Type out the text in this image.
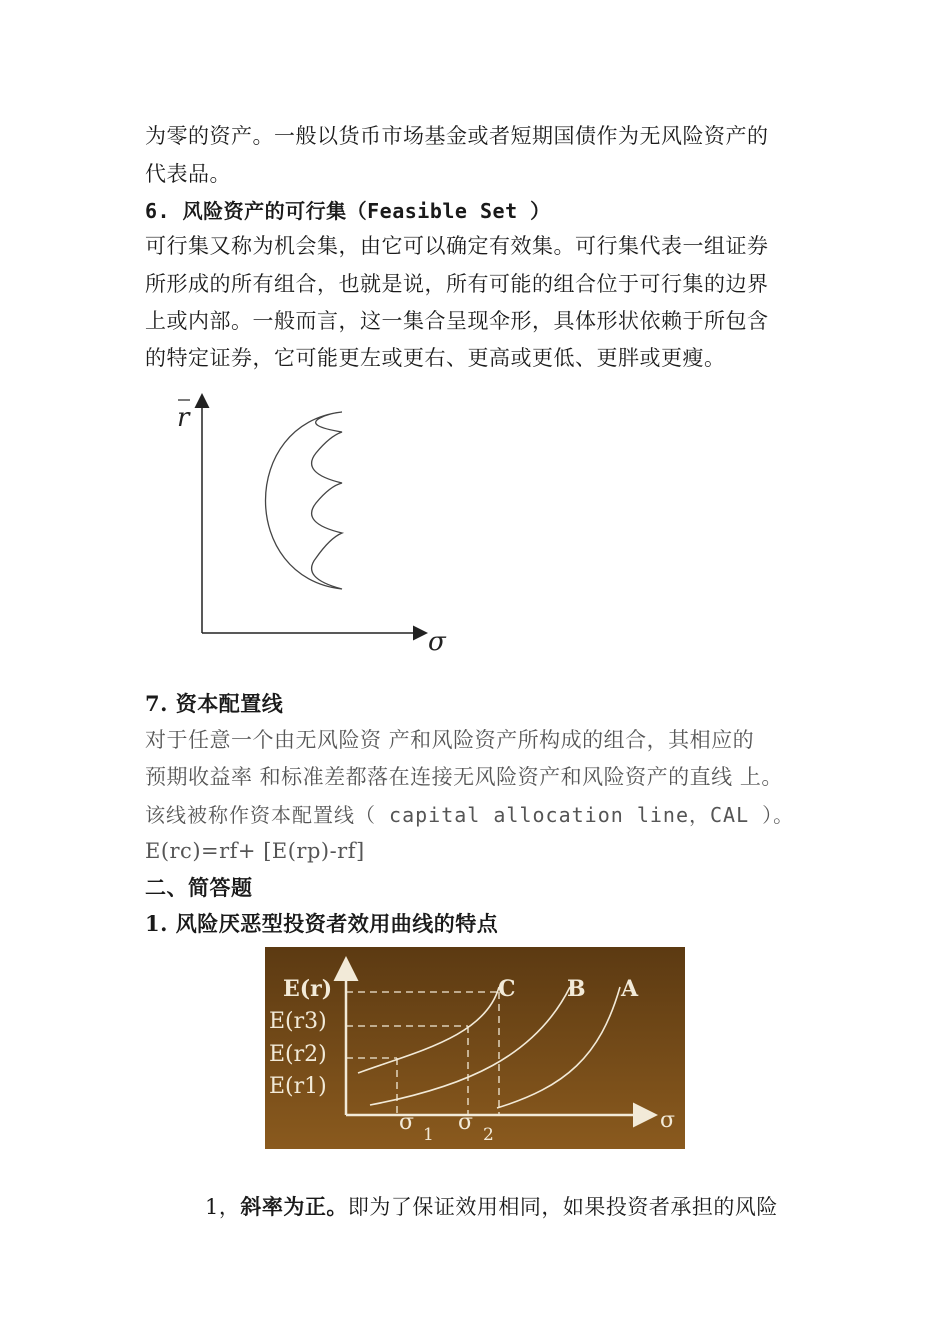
为零的资产。一般以货币市场基金或者短期国债作为无风险资产的
代表品。
6. 风险资产的可行集（Feasible Set ）
可行集又称为机会集，由它可以确定有效集。可行集代表一组证券
所形成的所有组合，也就是说，所有可能的组合位于可行集的边界
上或内部。一般而言，这一集合呈现伞形，具体形状依赖于所包含
的特定证券，它可能更左或更右、更高或更低、更胖或更瘦。
r
σ
7. 资本配置线
对于任意一个由无风险资 产和风险资产所构成的组合，其相应的
预期收益率 和标准差都落在连接无风险资产和风险资产的直线 上。
该线被称作资本配置线（ capital allocation line，CAL ）。
E(rc)=rf+ [E(rp)-rf]
二、简答题
1. 风险厌恶型投资者效用曲线的特点
E(r)
E(r3)
E(r2)
E(r1)
C B A
σ
σ 1 σ 2
1，斜率为正。即为了保证效用相同，如果投资者承担的风险
